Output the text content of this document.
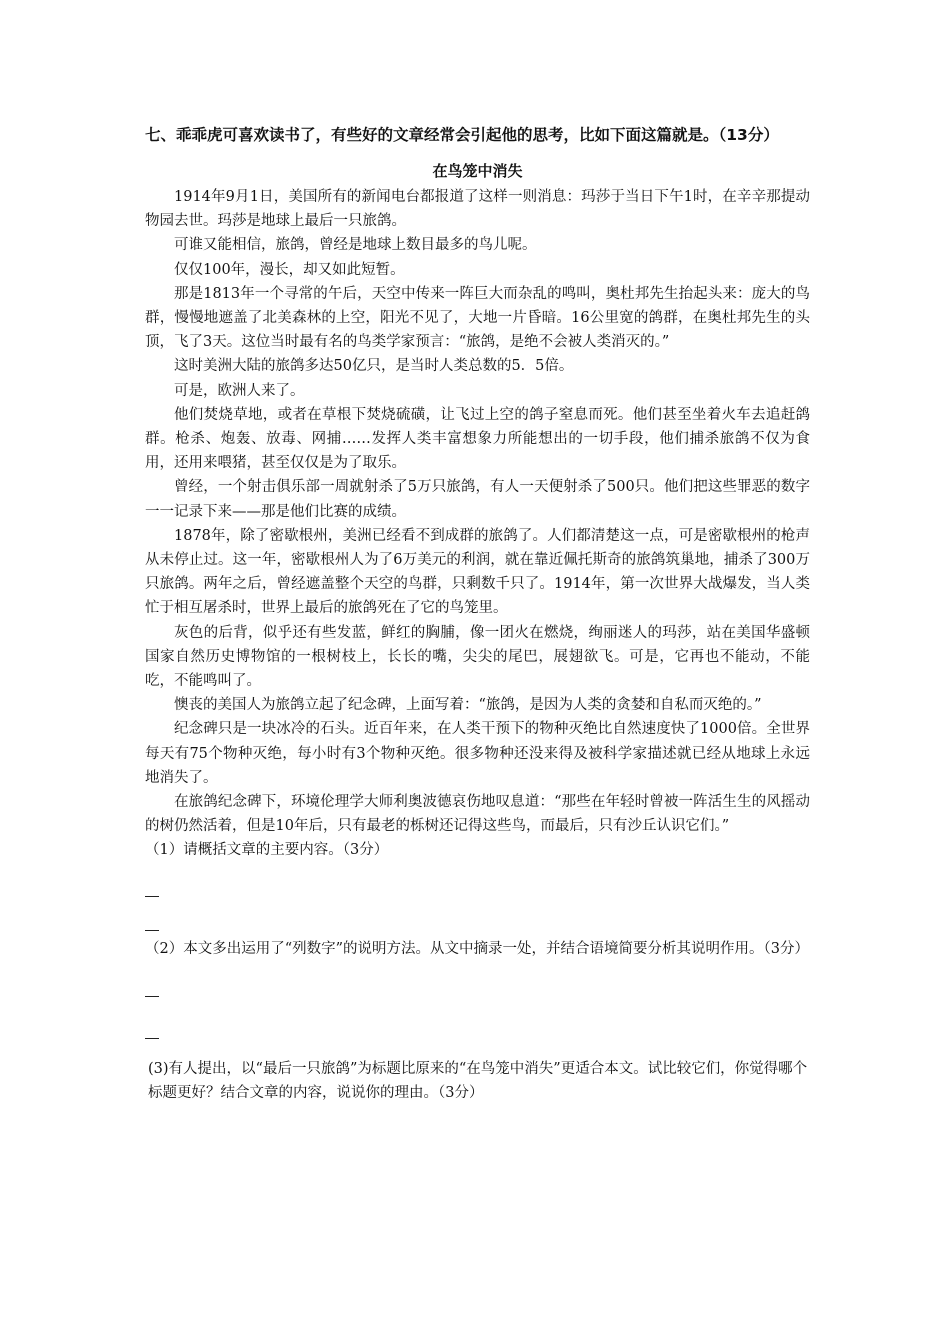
七、乖乖虎可喜欢读书了，有些好的文章经常会引起他的思考，比如下面这篇就是。（13分）
在鸟笼中消失

1914年9月1日，美国所有的新闻电台都报道了这样一则消息：玛莎于当日下午1时，在辛辛那提动物园去世。玛莎是地球上最后一只旅鸽。

可谁又能相信，旅鸽，曾经是地球上数目最多的鸟儿呢。

仅仅100年，漫长，却又如此短暂。

那是1813年一个寻常的午后，天空中传来一阵巨大而杂乱的鸣叫，奥杜邦先生抬起头来：庞大的鸟群，慢慢地遮盖了北美森林的上空，阳光不见了，大地一片昏暗。16公里宽的鸽群，在奥杜邦先生的头顶，飞了3天。这位当时最有名的鸟类学家预言：“旅鸽，是绝不会被人类消灭的。”

这时美洲大陆的旅鸽多达50亿只，是当时人类总数的5．5倍。

可是，欧洲人来了。

他们焚烧草地，或者在草根下焚烧硫磺，让飞过上空的鸽子窒息而死。他们甚至坐着火车去追赶鸽群。枪杀、炮轰、放毒、网捕……发挥人类丰富想象力所能想出的一切手段，他们捕杀旅鸽不仅为食用，还用来喂猪，甚至仅仅是为了取乐。

曾经，一个射击俱乐部一周就射杀了5万只旅鸽，有人一天便射杀了500只。他们把这些罪恶的数字一一记录下来——那是他们比赛的成绩。

1878年，除了密歇根州，美洲已经看不到成群的旅鸽了。人们都清楚这一点，可是密歇根州的枪声从未停止过。这一年，密歇根州人为了6万美元的利润，就在靠近佩托斯奇的旅鸽筑巢地，捕杀了300万只旅鸽。两年之后，曾经遮盖整个天空的鸟群，只剩数千只了。1914年，第一次世界大战爆发，当人类忙于相互屠杀时，世界上最后的旅鸽死在了它的鸟笼里。

灰色的后背，似乎还有些发蓝，鲜红的胸脯，像一团火在燃烧，绚丽迷人的玛莎，站在美国华盛顿国家自然历史博物馆的一根树枝上，长长的嘴，尖尖的尾巴，展翅欲飞。可是，它再也不能动，不能吃，不能鸣叫了。

懊丧的美国人为旅鸽立起了纪念碑，上面写着：“旅鸽，是因为人类的贪婪和自私而灭绝的。”

纪念碑只是一块冰冷的石头。近百年来，在人类干预下的物种灭绝比自然速度快了1000倍。全世界每天有75个物种灭绝，每小时有3个物种灭绝。很多物种还没来得及被科学家描述就已经从地球上永远地消失了。

在旅鸽纪念碑下，环境伦理学大师利奥波德哀伤地叹息道：“那些在年轻时曾被一阵活生生的风摇动的树仍然活着，但是10年后，只有最老的栎树还记得这些鸟，而最后，只有沙丘认识它们。”

（1）请概括文章的主要内容。（3分）

（2）本文多出运用了“列数字”的说明方法。从文中摘录一处，并结合语境简要分析其说明作用。（3分）

(3)有人提出，以“最后一只旅鸽”为标题比原来的“在鸟笼中消失”更适合本文。试比较它们，你觉得哪个标题更好？结合文章的内容，说说你的理由。（3分）
